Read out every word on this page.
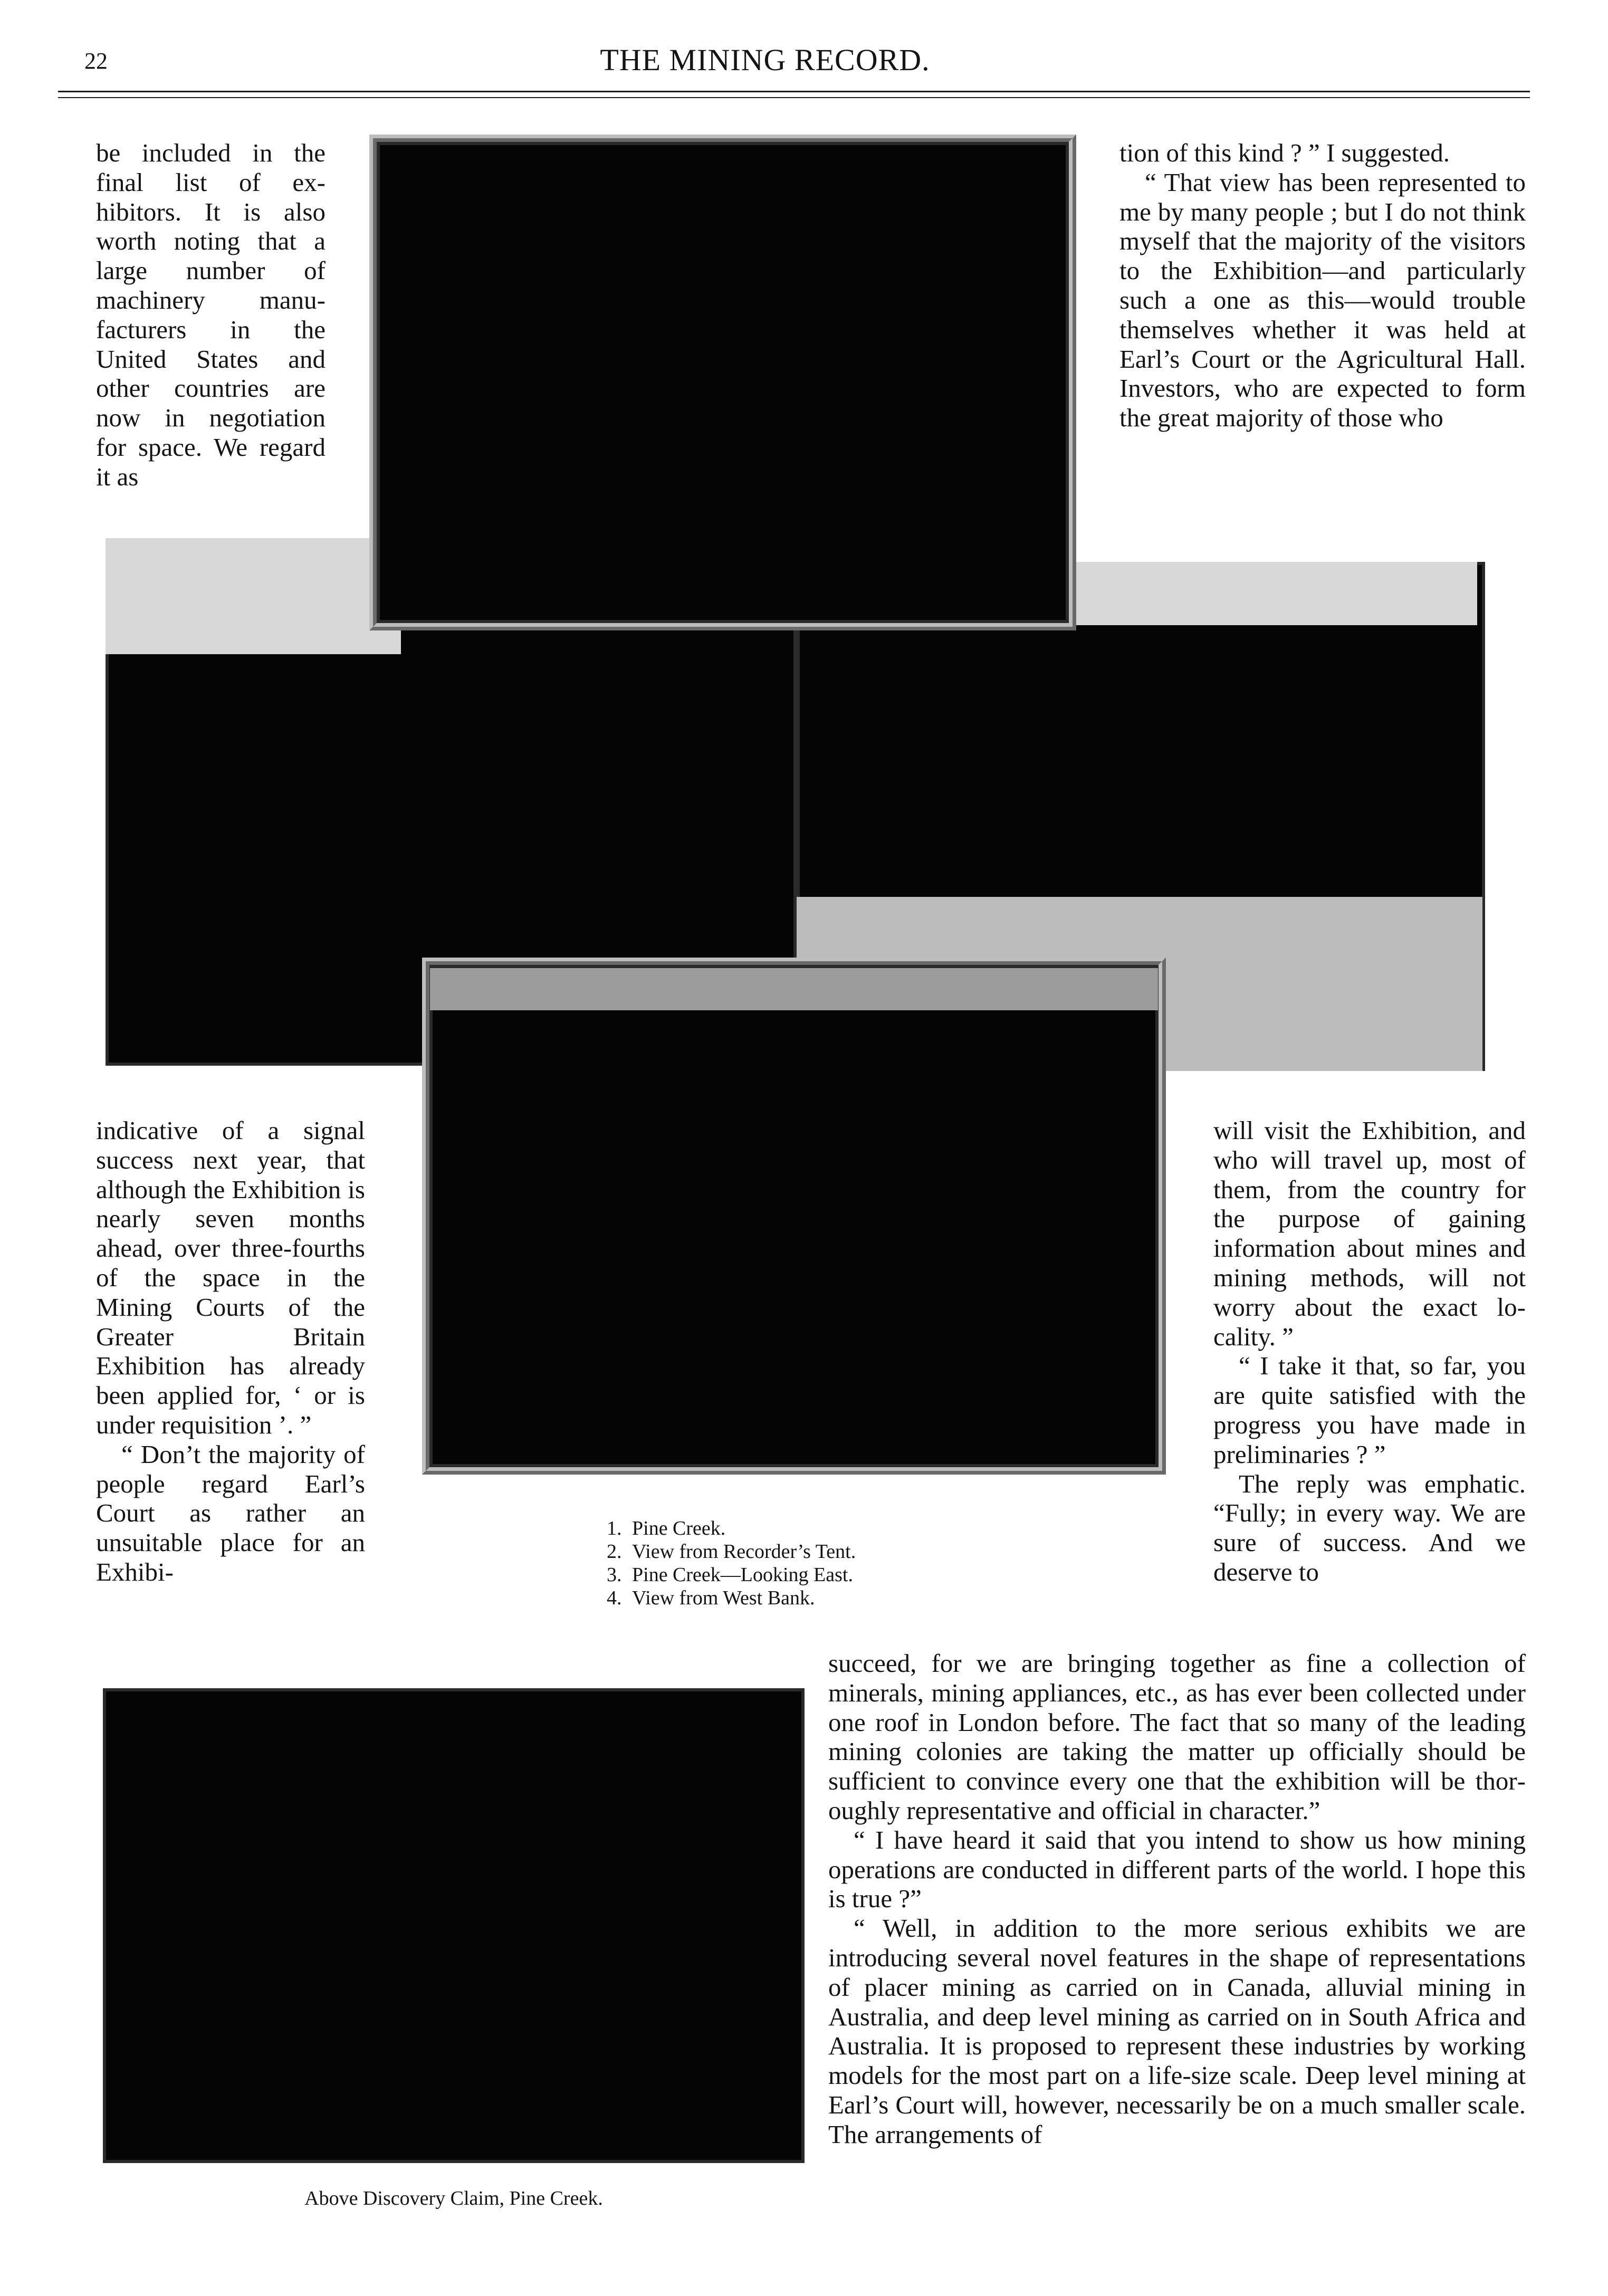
22	THE MINING RECORD.

be included in the final list of exhibitors. It is also worth noting that a large number of machinery manufacturers in the United States and other countries are now in negotiation for space. We regard it as

tion of this kind ? ” I suggested.

“ That view has been represented to me by many people ; but I do not think myself that the majority of the visitors to the Exhibition—and particularly such a one as this—would trouble themselves whether it was held at Earl’s Court or the Agricultural Hall. Investors, who are expected to form the great majority of those who

indicative of a signal success next year, that although the Exhibition is nearly seven months ahead, over three-fourths of the space in the Mining Courts of the Greater Britain Exhibition has already been applied for, ‘ or is under requisition ’. ”

“ Don’t the majority of people regard Earl’s Court as rather an unsuitable place for an Exhibi-

will visit the Exhibition, and who will travel up, most of them, from the country for the purpose of gaining information about mines and mining methods, will not worry about the exact locality. ”

“ I take it that, so far, you are quite satisfied with the progress you have made in preliminaries ? ”

The reply was emphatic. “Fully; in every way. We are sure of success. And we deserve to

1. Pine Creek.
2. View from Recorder’s Tent.
3. Pine Creek—Looking East.
4. View from West Bank.
Above Discovery Claim, Pine Creek.

succeed, for we are bringing together as fine a collection of minerals, mining appliances, etc., as has ever been collected under one roof in London before. The fact that so many of the leading mining colonies are taking the matter up officially should be sufficient to convince every one that the exhibition will be thoroughly representative and official in character.”

“ I have heard it said that you intend to show us how mining operations are conducted in different parts of the world. I hope this is true ?”

“ Well, in addition to the more serious exhibits we are introducing several novel features in the shape of representations of placer mining as carried on in Canada, alluvial mining in Australia, and deep level mining as carried on in South Africa and Australia. It is proposed to represent these industries by working models for the most part on a life-size scale. Deep level mining at Earl’s Court will, however, necessarily be on a much smaller scale. The arrangements of
